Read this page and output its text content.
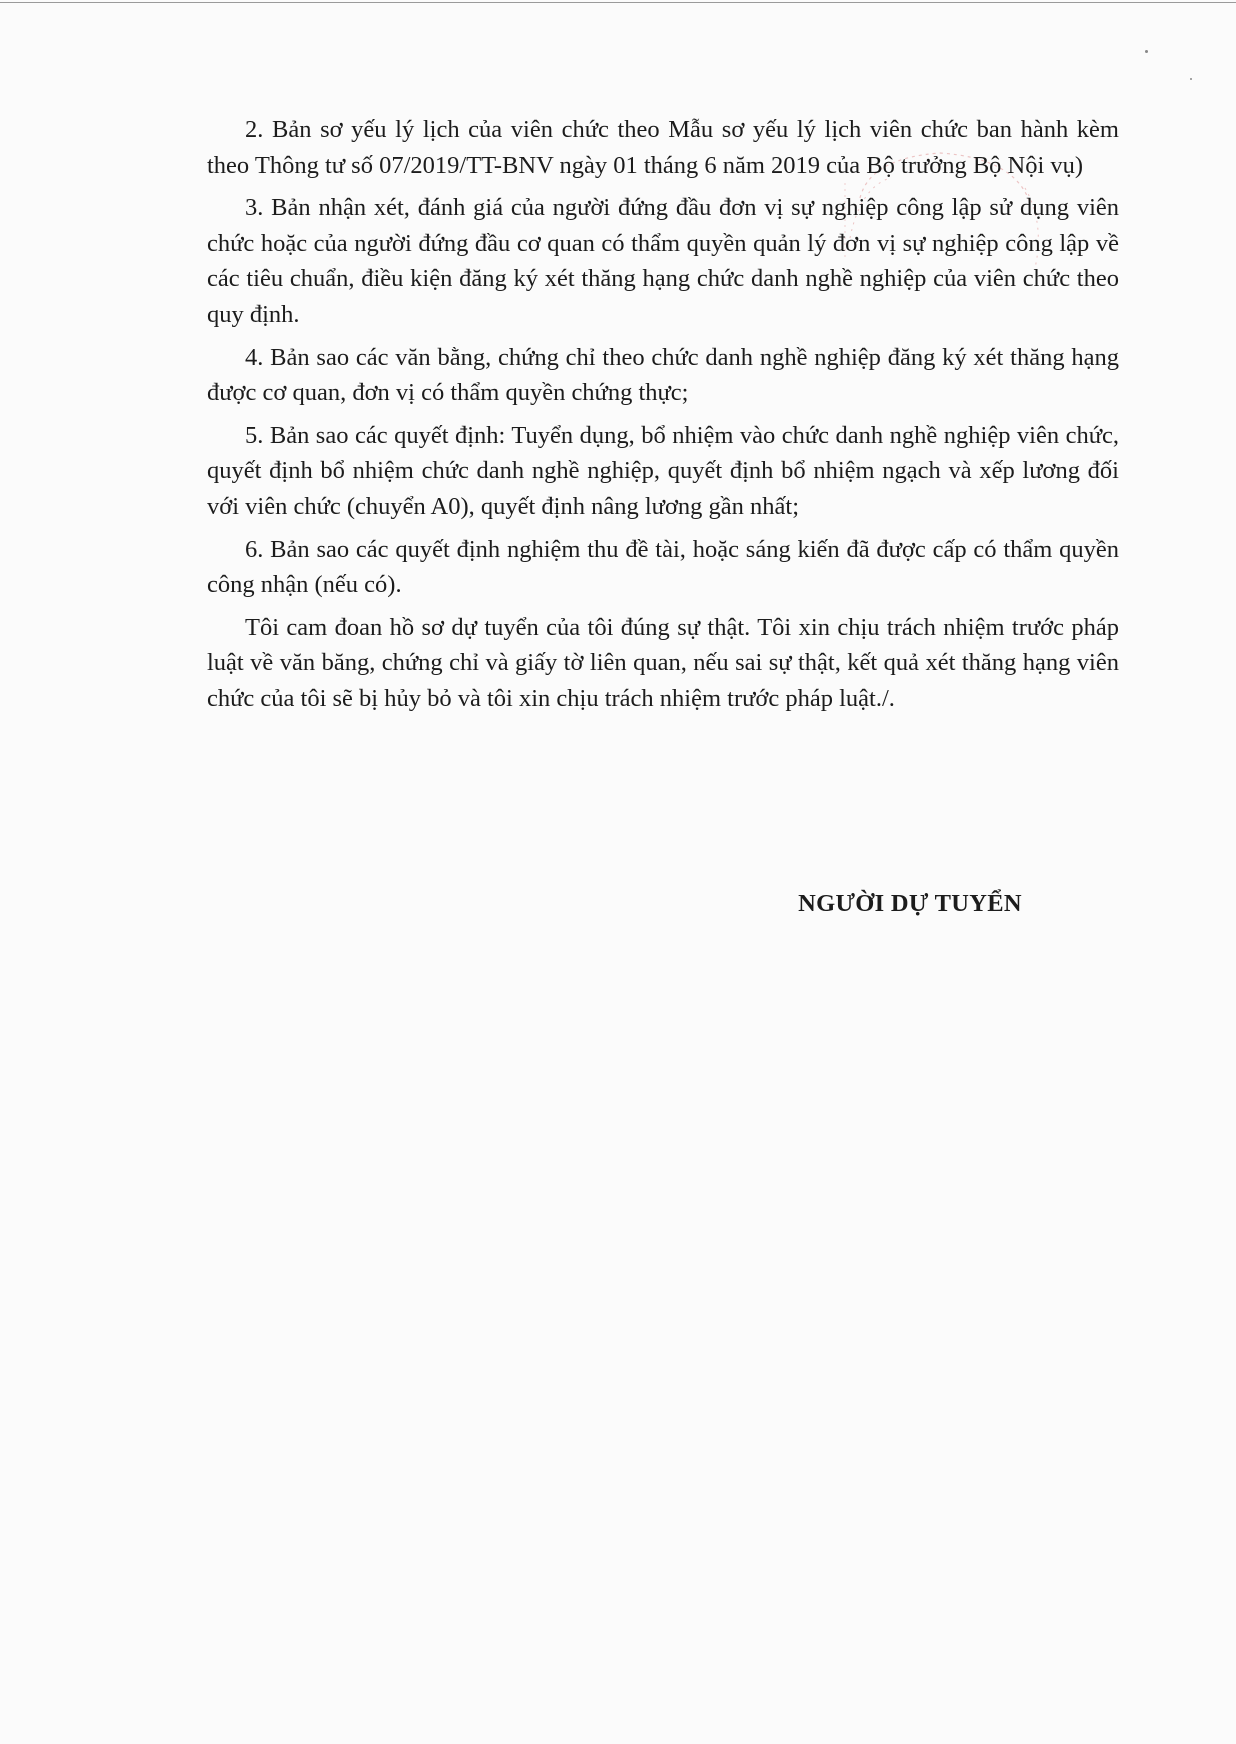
2. Bản sơ yếu lý lịch của viên chức theo Mẫu sơ yếu lý lịch viên chức ban hành kèm theo Thông tư số 07/2019/TT-BNV ngày 01 tháng 6 năm 2019 của Bộ trưởng Bộ Nội vụ)

3. Bản nhận xét, đánh giá của người đứng đầu đơn vị sự nghiệp công lập sử dụng viên chức hoặc của người đứng đầu cơ quan có thẩm quyền quản lý đơn vị sự nghiệp công lập về các tiêu chuẩn, điều kiện đăng ký xét thăng hạng chức danh nghề nghiệp của viên chức theo quy định.

4. Bản sao các văn bằng, chứng chỉ theo chức danh nghề nghiệp đăng ký xét thăng hạng được cơ quan, đơn vị có thẩm quyền chứng thực;

5. Bản sao các quyết định: Tuyển dụng, bổ nhiệm vào chức danh nghề nghiệp viên chức, quyết định bổ nhiệm chức danh nghề nghiệp, quyết định bổ nhiệm ngạch và xếp lương đối với viên chức (chuyển A0), quyết định nâng lương gần nhất;

6. Bản sao các quyết định nghiệm thu đề tài, hoặc sáng kiến đã được cấp có thẩm quyền công nhận (nếu có).

Tôi cam đoan hồ sơ dự tuyển của tôi đúng sự thật. Tôi xin chịu trách nhiệm trước pháp luật về văn băng, chứng chỉ và giấy tờ liên quan, nếu sai sự thật, kết quả xét thăng hạng viên chức của tôi sẽ bị hủy bỏ và tôi xin chịu trách nhiệm trước pháp luật./.

NGƯỜI DỰ TUYỂN
